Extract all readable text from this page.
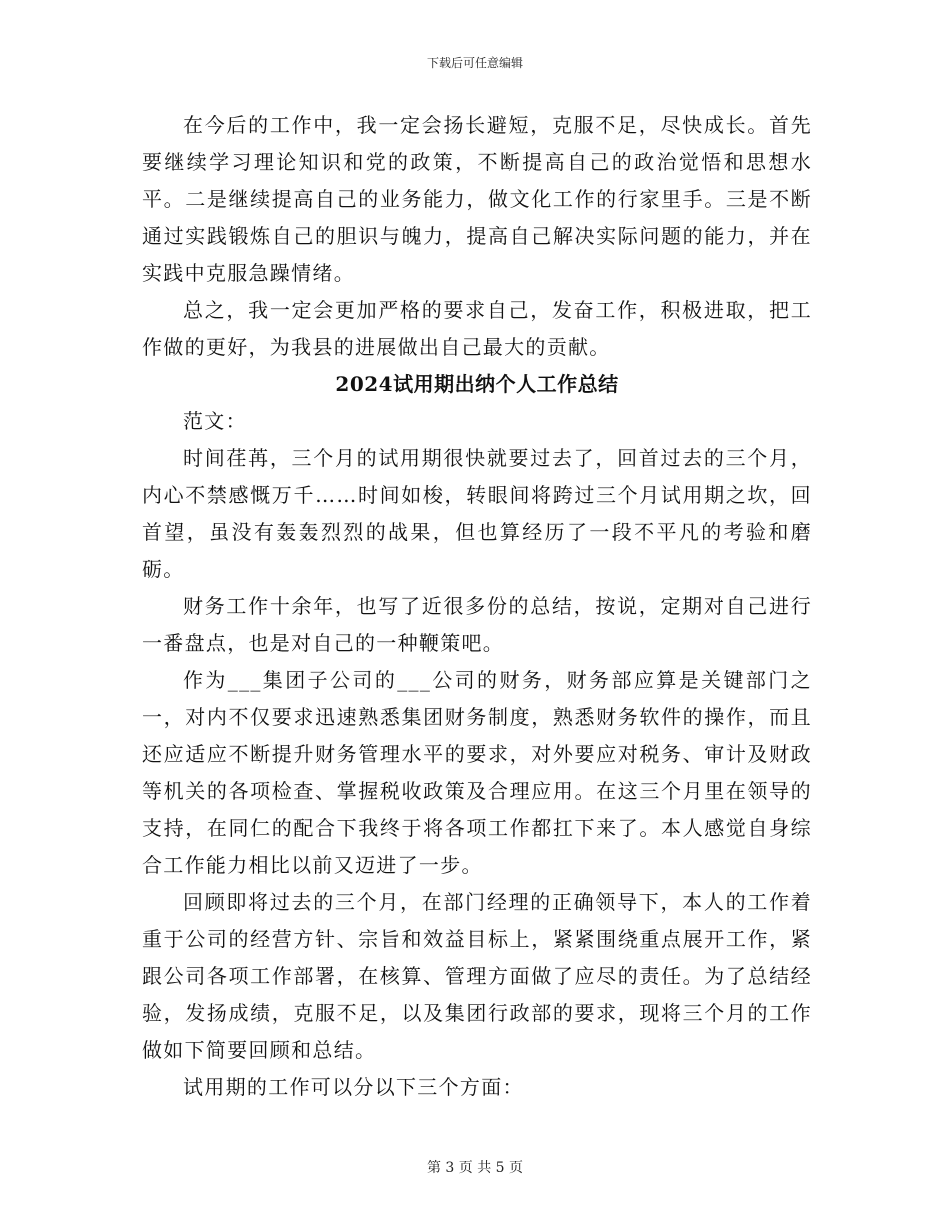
下载后可任意编辑

在今后的工作中，我一定会扬长避短，克服不足，尽快成长。首先要继续学习理论知识和党的政策，不断提高自己的政治觉悟和思想水平。二是继续提高自己的业务能力，做文化工作的行家里手。三是不断通过实践锻炼自己的胆识与魄力，提高自己解决实际问题的能力，并在实践中克服急躁情绪。

总之，我一定会更加严格的要求自己，发奋工作，积极进取，把工作做的更好，为我县的进展做出自己最大的贡献。

2024试用期出纳个人工作总结

范文：

时间荏苒，三个月的试用期很快就要过去了，回首过去的三个月，内心不禁感慨万千……时间如梭，转眼间将跨过三个月试用期之坎，回首望，虽没有轰轰烈烈的战果，但也算经历了一段不平凡的考验和磨砺。

财务工作十余年，也写了近很多份的总结，按说，定期对自己进行一番盘点，也是对自己的一种鞭策吧。

作为___集团子公司的___公司的财务，财务部应算是关键部门之一，对内不仅要求迅速熟悉集团财务制度，熟悉财务软件的操作，而且还应适应不断提升财务管理水平的要求，对外要应对税务、审计及财政等机关的各项检查、掌握税收政策及合理应用。在这三个月里在领导的支持，在同仁的配合下我终于将各项工作都扛下来了。本人感觉自身综合工作能力相比以前又迈进了一步。

回顾即将过去的三个月，在部门经理的正确领导下，本人的工作着重于公司的经营方针、宗旨和效益目标上，紧紧围绕重点展开工作，紧跟公司各项工作部署，在核算、管理方面做了应尽的责任。为了总结经验，发扬成绩，克服不足，以及集团行政部的要求，现将三个月的工作做如下简要回顾和总结。

试用期的工作可以分以下三个方面：

第 3 页 共 5 页
